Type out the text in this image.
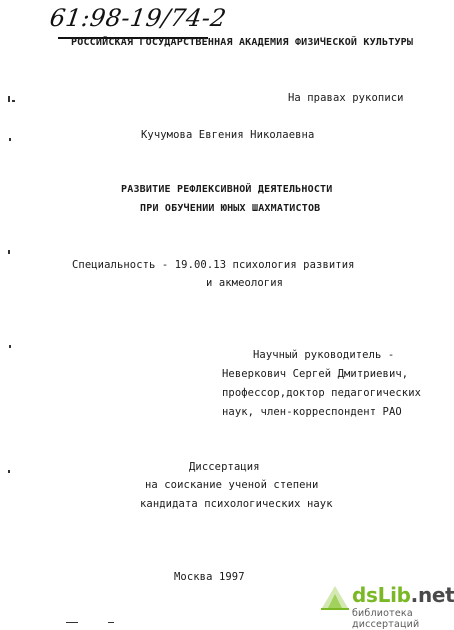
61:98-19/74-2
РОССИЙСКАЯ ГОСУДАРСТВЕННАЯ АКАДЕМИЯ ФИЗИЧЕСКОЙ КУЛЬТУРЫ
На правах рукописи
Кучумова Евгения Николаевна
РАЗВИТИЕ РЕФЛЕКСИВНОЙ ДЕЯТЕЛЬНОСТИ
ПРИ ОБУЧЕНИИ ЮНЫХ ШАХМАТИСТОВ
Специальность - 19.00.13 психология развития
и акмеология
Научный руководитель -
Неверкович Сергей Дмитриевич,
профессор,доктор педагогических
наук, член-корреспондент РАО
Диссертация
на соискание ученой степени
кандидата психологических наук
Москва 1997
dsLib.net
библиотека диссертаций
